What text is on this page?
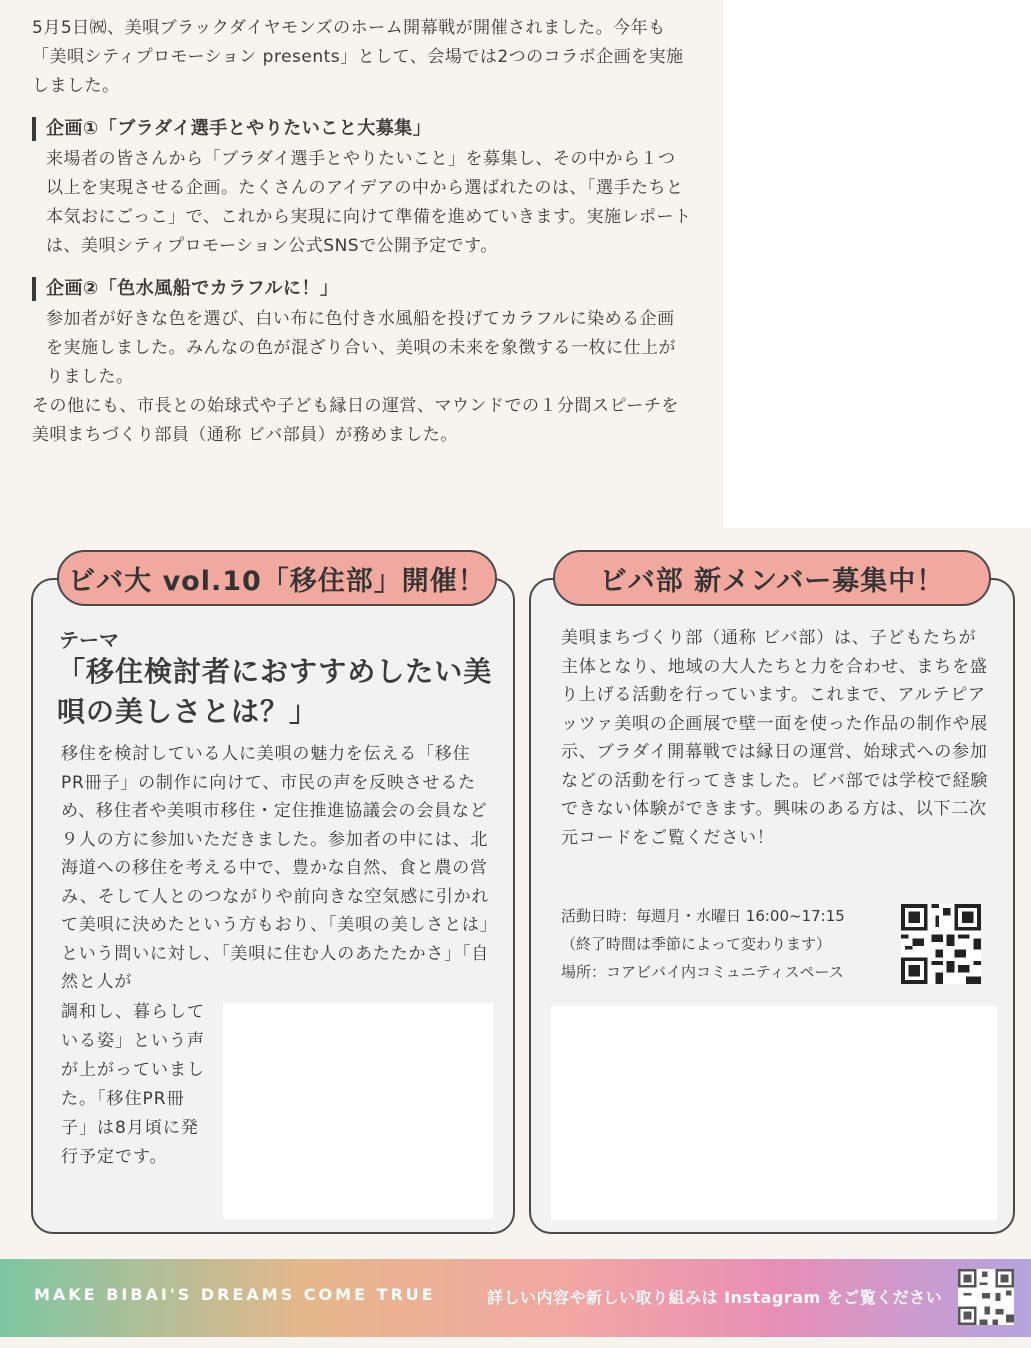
5月5日㈷、美唄ブラックダイヤモンズのホーム開幕戦が開催されました。今年も「美唄シティプロモーション presents」として、会場では2つのコラボ企画を実施しました。

企画①「ブラダイ選手とやりたいこと大募集」
来場者の皆さんから「ブラダイ選手とやりたいこと」を募集し、その中から１つ以上を実現させる企画。たくさんのアイデアの中から選ばれたのは、「選手たちと本気おにごっこ」で、これから実現に向けて準備を進めていきます。実施レポートは、美唄シティプロモーション公式SNSで公開予定です。
企画②「色水風船でカラフルに！」
参加者が好きな色を選び、白い布に色付き水風船を投げてカラフルに染める企画を実施しました。みんなの色が混ざり合い、美唄の未来を象徴する一枚に仕上がりました。

その他にも、市長との始球式や子ども縁日の運営、マウンドでの１分間スピーチを美唄まちづくり部員（通称 ビバ部員）が務めました。

ビバ大 vol.10「移住部」開催！
テーマ
「移住検討者におすすめしたい美唄の美しさとは？」
移住を検討している人に美唄の魅力を伝える「移住PR冊子」の制作に向けて、市民の声を反映させるため、移住者や美唄市移住・定住推進協議会の会員など９人の方に参加いただきました。参加者の中には、北海道への移住を考える中で、豊かな自然、食と農の営み、そして人とのつながりや前向きな空気感に引かれて美唄に決めたという方もおり、「美唄の美しさとは」という問いに対し、「美唄に住む人のあたたかさ」「自然と人が
調和し、暮らしている姿」という声が上がっていました。「移住PR冊子」は8月頃に発行予定です。
ビバ部 新メンバー募集中！
美唄まちづくり部（通称 ビバ部）は、子どもたちが主体となり、地域の大人たちと力を合わせ、まちを盛り上げる活動を行っています。これまで、アルテピアッツァ美唄の企画展で壁一面を使った作品の制作や展示、ブラダイ開幕戦では縁日の運営、始球式への参加などの活動を行ってきました。ビバ部では学校で経験できない体験ができます。興味のある方は、以下二次元コードをご覧ください！
活動日時：毎週月・水曜日 16:00~17:15
（終了時間は季節によって変わります）
場所：コアビバイ内コミュニティスペース
MAKE BIBAI'S DREAMS COME TRUE	詳しい内容や新しい取り組みは Instagram をご覧ください
